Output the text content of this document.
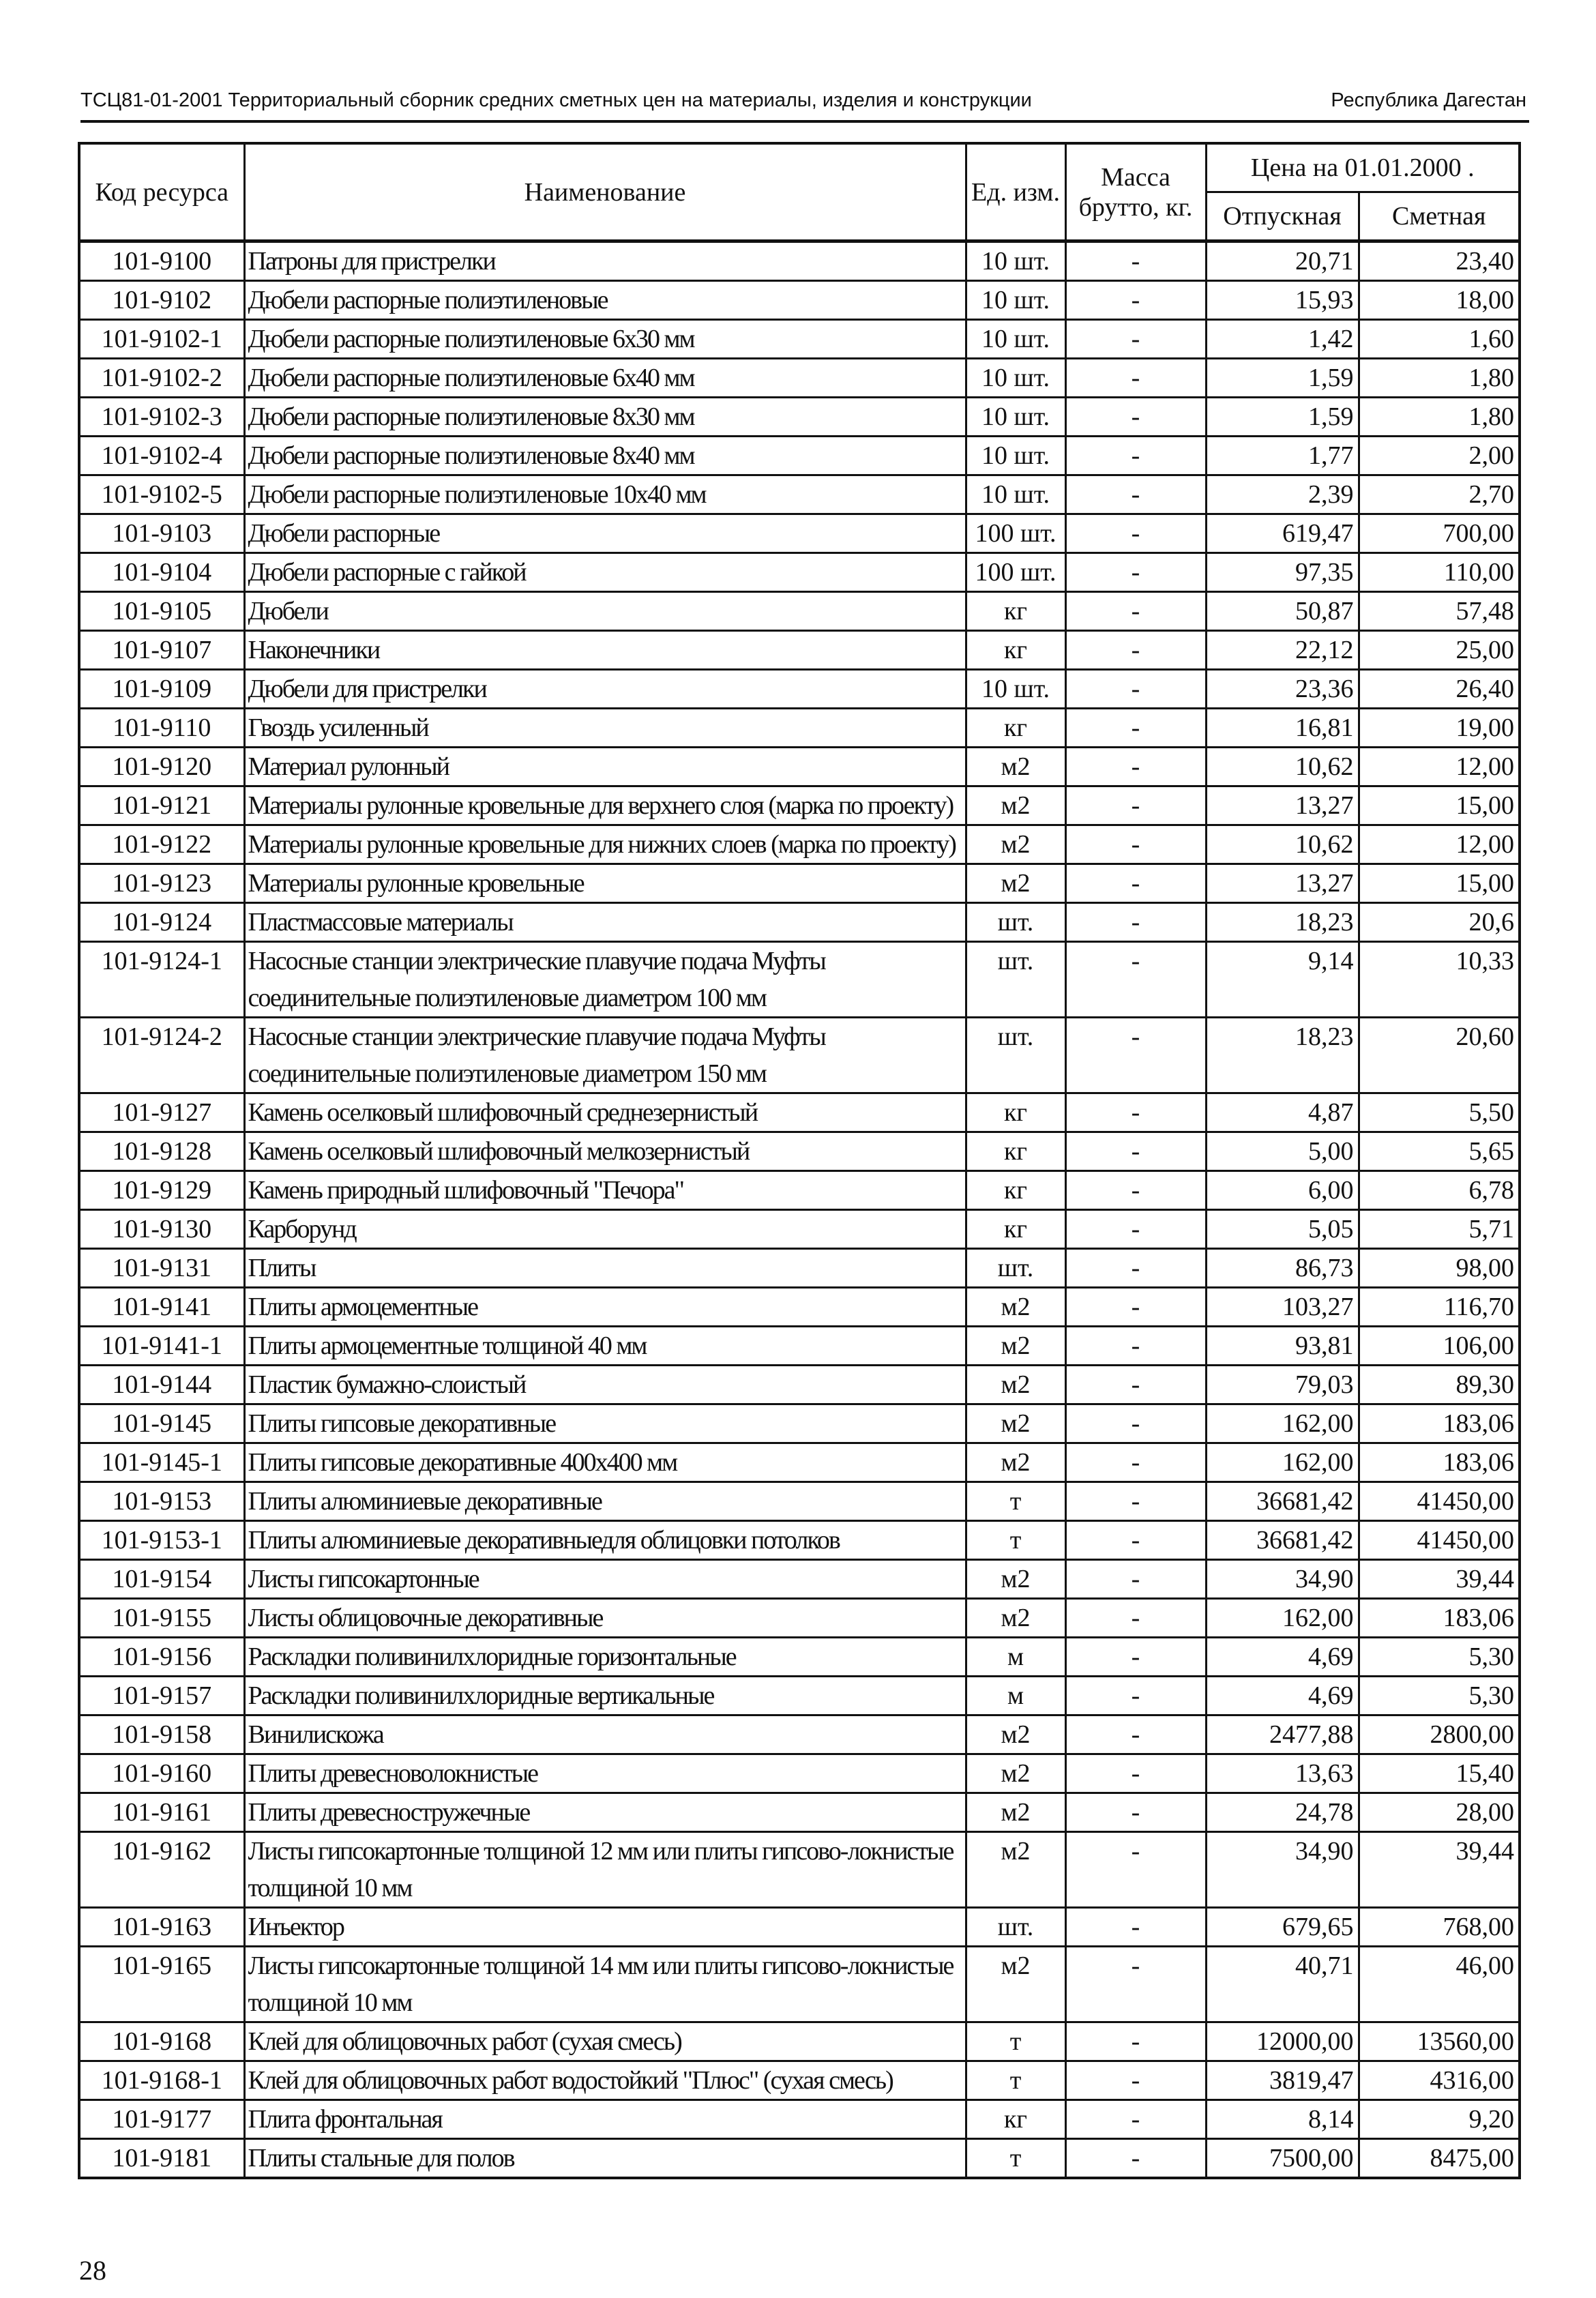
ТСЦ81-01-2001 Территориальный сборник средних сметных цен на материалы, изделия и конструкции	Республика Дагестан
Код ресурса	Наименование	Ед. изм.	Масса брутто, кг.	Цена на 01.01.2000 .	
				Отпускная	Сметная
101-9100	Патроны для пристрелки	10 шт.	-	20,71	23,40
101-9102	Дюбели распорные полиэтиленовые	10 шт.	-	15,93	18,00
101-9102-1	Дюбели распорные полиэтиленовые 6х30 мм	10 шт.	-	1,42	1,60
101-9102-2	Дюбели распорные полиэтиленовые 6х40 мм	10 шт.	-	1,59	1,80
101-9102-3	Дюбели распорные полиэтиленовые 8х30 мм	10 шт.	-	1,59	1,80
101-9102-4	Дюбели распорные полиэтиленовые 8х40 мм	10 шт.	-	1,77	2,00
101-9102-5	Дюбели распорные полиэтиленовые 10х40 мм	10 шт.	-	2,39	2,70
101-9103	Дюбели распорные	100 шт.	-	619,47	700,00
101-9104	Дюбели распорные с гайкой	100 шт.	-	97,35	110,00
101-9105	Дюбели	кг	-	50,87	57,48
101-9107	Наконечники	кг	-	22,12	25,00
101-9109	Дюбели для пристрелки	10 шт.	-	23,36	26,40
101-9110	Гвоздь усиленный	кг	-	16,81	19,00
101-9120	Материал рулонный	м2	-	10,62	12,00
101-9121	Материалы рулонные кровельные для верхнего слоя (марка по проекту)	м2	-	13,27	15,00
101-9122	Материалы рулонные кровельные для нижних слоев (марка по проекту)	м2	-	10,62	12,00
101-9123	Материалы рулонные кровельные	м2	-	13,27	15,00
101-9124	Пластмассовые материалы	шт.	-	18,23	20,6
101-9124-1	Насосные станции электрические плавучие подача Муфты соединительные полиэтиленовые диаметром 100 мм	шт.	-	9,14	10,33
101-9124-2	Насосные станции электрические плавучие подача Муфты соединительные полиэтиленовые диаметром 150 мм	шт.	-	18,23	20,60
101-9127	Камень оселковый шлифовочный среднезернистый	кг	-	4,87	5,50
101-9128	Камень оселковый шлифовочный мелкозернистый	кг	-	5,00	5,65
101-9129	Камень природный шлифовочный "Печора"	кг	-	6,00	6,78
101-9130	Карборунд	кг	-	5,05	5,71
101-9131	Плиты	шт.	-	86,73	98,00
101-9141	Плиты армоцементные	м2	-	103,27	116,70
101-9141-1	Плиты армоцементные толщиной 40 мм	м2	-	93,81	106,00
101-9144	Пластик бумажно-слоистый	м2	-	79,03	89,30
101-9145	Плиты гипсовые декоративные	м2	-	162,00	183,06
101-9145-1	Плиты гипсовые декоративные 400х400 мм	м2	-	162,00	183,06
101-9153	Плиты алюминиевые декоративные	т	-	36681,42	41450,00
101-9153-1	Плиты алюминиевые декоративныедля облицовки потолков	т	-	36681,42	41450,00
101-9154	Листы гипсокартонные	м2	-	34,90	39,44
101-9155	Листы облицовочные декоративные	м2	-	162,00	183,06
101-9156	Раскладки поливинилхлоридные горизонтальные	м	-	4,69	5,30
101-9157	Раскладки поливинилхлоридные вертикальные	м	-	4,69	5,30
101-9158	Винилискожа	м2	-	2477,88	2800,00
101-9160	Плиты древесноволокнистые	м2	-	13,63	15,40
101-9161	Плиты древесностружечные	м2	-	24,78	28,00
101-9162	Листы гипсокартонные толщиной 12 мм или плиты гипсово-локнистые толщиной 10 мм	м2	-	34,90	39,44
101-9163	Инъектор	шт.	-	679,65	768,00
101-9165	Листы гипсокартонные толщиной 14 мм или плиты гипсово-локнистые толщиной 10 мм	м2	-	40,71	46,00
101-9168	Клей для облицовочных работ (сухая смесь)	т	-	12000,00	13560,00
101-9168-1	Клей для облицовочных работ водостойкий "Плюс" (сухая смесь)	т	-	3819,47	4316,00
101-9177	Плита фронтальная	кг	-	8,14	9,20
101-9181	Плиты стальные для полов	т	-	7500,00	8475,00
28
